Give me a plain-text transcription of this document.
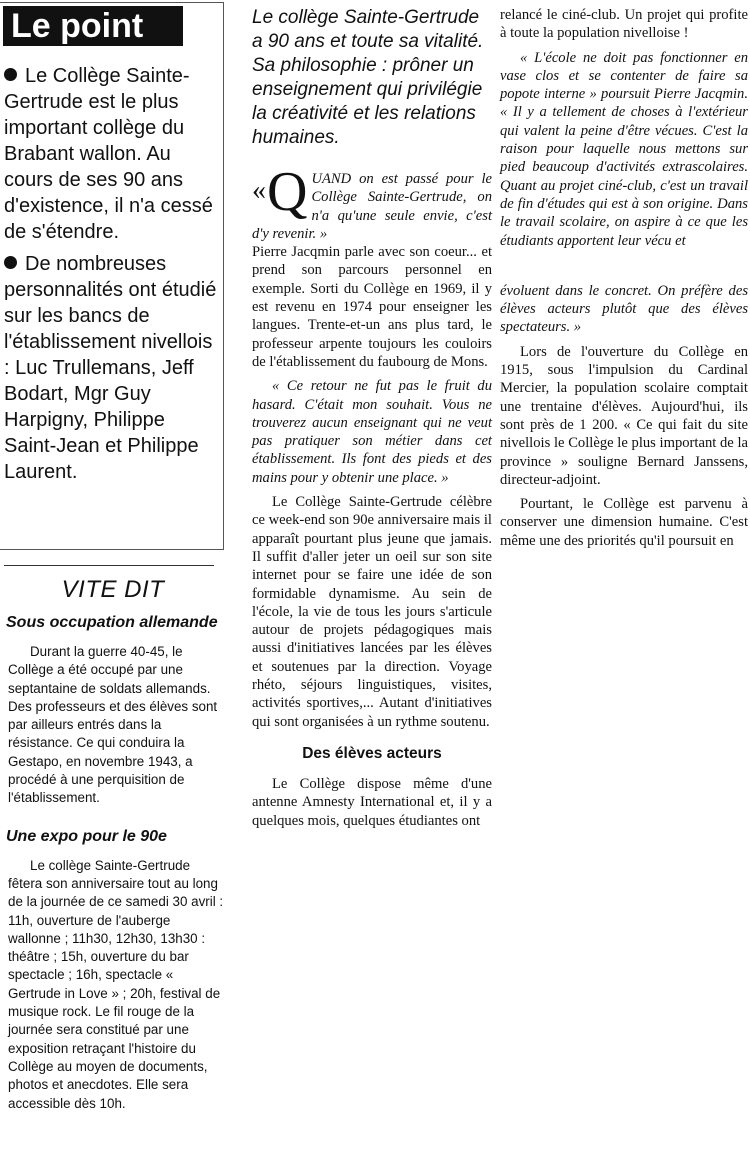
Le point

Le Collège Sainte-Gertrude est le plus important collège du Brabant wallon. Au cours de ses 90 ans d'existence, il n'a cessé de s'étendre.

De nombreuses personnalités ont étudié sur les bancs de l'établissement nivellois : Luc Trullemans, Jeff Bodart, Mgr Guy Harpigny, Philippe Saint-Jean et Philippe Laurent.

VITE DIT
Sous occupation allemande

Durant la guerre 40-45, le Collège a été occupé par une septantaine de soldats allemands. Des professeurs et des élèves sont par ailleurs entrés dans la résistance. Ce qui conduira la Gestapo, en novembre 1943, a procédé à une perquisition de l'établissement.

Une expo pour le 90e

Le collège Sainte-Gertrude fêtera son anniversaire tout au long de la journée de ce samedi 30 avril : 11h, ouverture de l'auberge wallonne ; 11h30, 12h30, 13h30 : théâtre ; 15h, ouverture du bar spectacle ; 16h, spectacle « Gertrude in Love » ; 20h, festival de musique rock. Le fil rouge de la journée sera constitué par une exposition retraçant l'histoire du Collège au moyen de documents, photos et anecdotes. Elle sera accessible dès 10h.

Le collège Sainte-Gertrude a 90 ans et toute sa vitalité. Sa philosophie : prôner un enseignement qui privilégie la créativité et les relations humaines.

« Q UAND on est passé pour le Collège Sainte-Gertrude, on n'a qu'une seule envie, c'est d'y revenir. »

Pierre Jacqmin parle avec son coeur... et prend son parcours personnel en exemple. Sorti du Collège en 1969, il y est revenu en 1974 pour enseigner les langues. Trente-et-un ans plus tard, le professeur arpente toujours les couloirs de l'établissement du faubourg de Mons.

« Ce retour ne fut pas le fruit du hasard. C'était mon souhait. Vous ne trouverez aucun enseignant qui ne veut pas pratiquer son métier dans cet établissement. Ils font des pieds et des mains pour y obtenir une place. »

Le Collège Sainte-Gertrude célèbre ce week-end son 90e anniversaire mais il apparaît pourtant plus jeune que jamais. Il suffit d'aller jeter un oeil sur son site internet pour se faire une idée de son formidable dynamisme. Au sein de l'école, la vie de tous les jours s'articule autour de projets pédagogiques mais aussi d'initiatives lancées par les élèves et soutenues par la direction. Voyage rhéto, séjours linguistiques, visites, activités sportives,... Autant d'initiatives qui sont organisées à un rythme soutenu.

Des élèves acteurs

Le Collège dispose même d'une antenne Amnesty International et, il y a quelques mois, quelques étudiantes ont

relancé le ciné-club. Un projet qui profite à toute la population nivelloise !

« L'école ne doit pas fonctionner en vase clos et se contenter de faire sa popote interne » poursuit Pierre Jacqmin. « Il y a tellement de choses à l'extérieur qui valent la peine d'être vécues. C'est la raison pour laquelle nous mettons sur pied beaucoup d'activités extrascolaires. Quant au projet ciné-club, c'est un travail de fin d'études qui est à son origine. Dans le travail scolaire, on aspire à ce que les étudiants apportent leur vécu et

évoluent dans le concret. On préfère des élèves acteurs plutôt que des élèves spectateurs. »

Lors de l'ouverture du Collège en 1915, sous l'impulsion du Cardinal Mercier, la population scolaire comptait une trentaine d'élèves. Aujourd'hui, ils sont près de 1 200. « Ce qui fait du site nivellois le Collège le plus important de la province » souligne Bernard Janssens, directeur-adjoint.

Pourtant, le Collège est parvenu à conserver une dimension humaine. C'est même une des priorités qu'il poursuit en
